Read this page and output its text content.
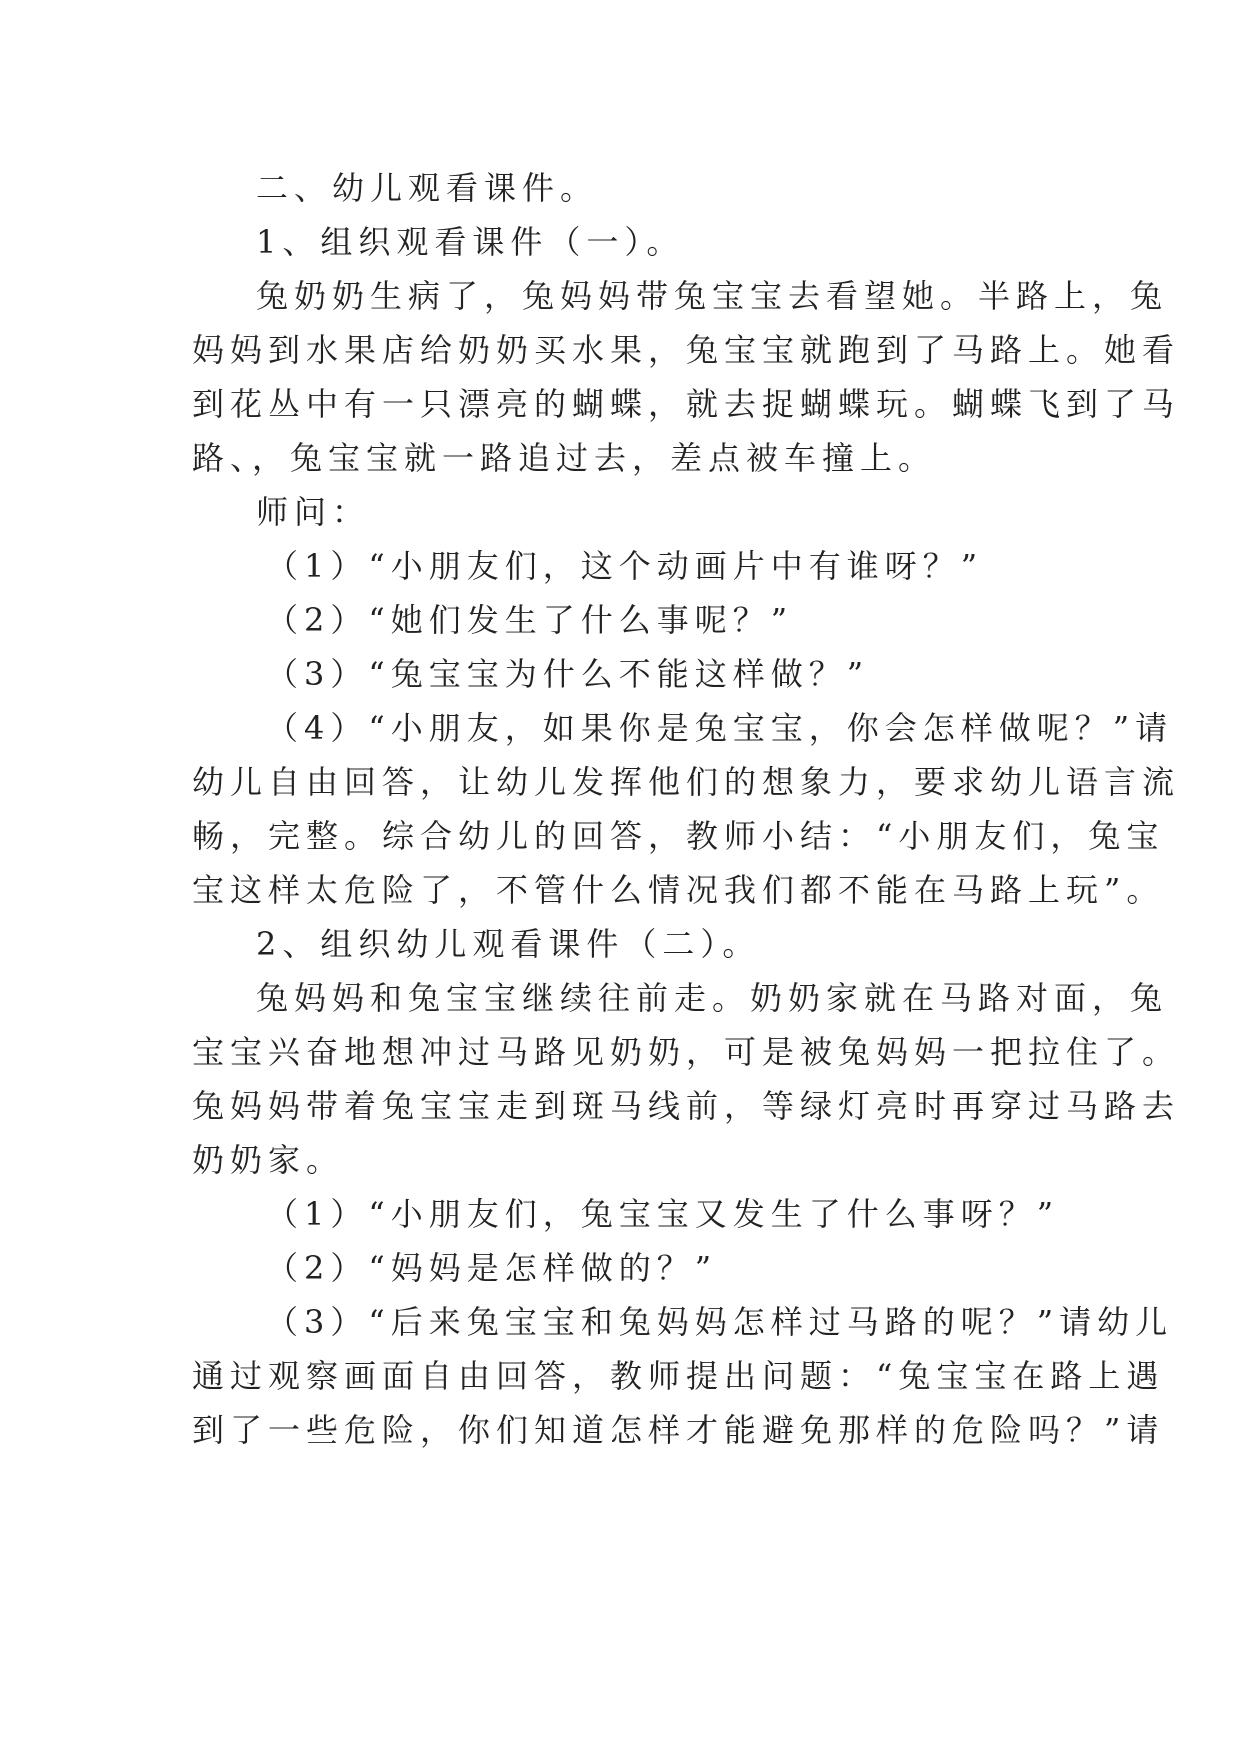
二、幼儿观看课件。
1、组织观看课件（一）。
兔奶奶生病了，兔妈妈带兔宝宝去看望她。半路上，兔
妈妈到水果店给奶奶买水果，兔宝宝就跑到了马路上。她看
到花丛中有一只漂亮的蝴蝶，就去捉蝴蝶玩。蝴蝶飞到了马
路、，兔宝宝就一路追过去，差点被车撞上。
师问：
（1）“小朋友们，这个动画片中有谁呀？”
（2）“她们发生了什么事呢？”
（3）“兔宝宝为什么不能这样做？”
（4）“小朋友，如果你是兔宝宝，你会怎样做呢？”请
幼儿自由回答，让幼儿发挥他们的想象力，要求幼儿语言流
畅，完整。综合幼儿的回答，教师小结：“小朋友们，兔宝
宝这样太危险了，不管什么情况我们都不能在马路上玩”。
2、组织幼儿观看课件（二）。
兔妈妈和兔宝宝继续往前走。奶奶家就在马路对面，兔
宝宝兴奋地想冲过马路见奶奶，可是被兔妈妈一把拉住了。
兔妈妈带着兔宝宝走到斑马线前，等绿灯亮时再穿过马路去
奶奶家。
（1）“小朋友们，兔宝宝又发生了什么事呀？”
（2）“妈妈是怎样做的？”
（3）“后来兔宝宝和兔妈妈怎样过马路的呢？”请幼儿
通过观察画面自由回答，教师提出问题：“兔宝宝在路上遇
到了一些危险，你们知道怎样才能避免那样的危险吗？”请
